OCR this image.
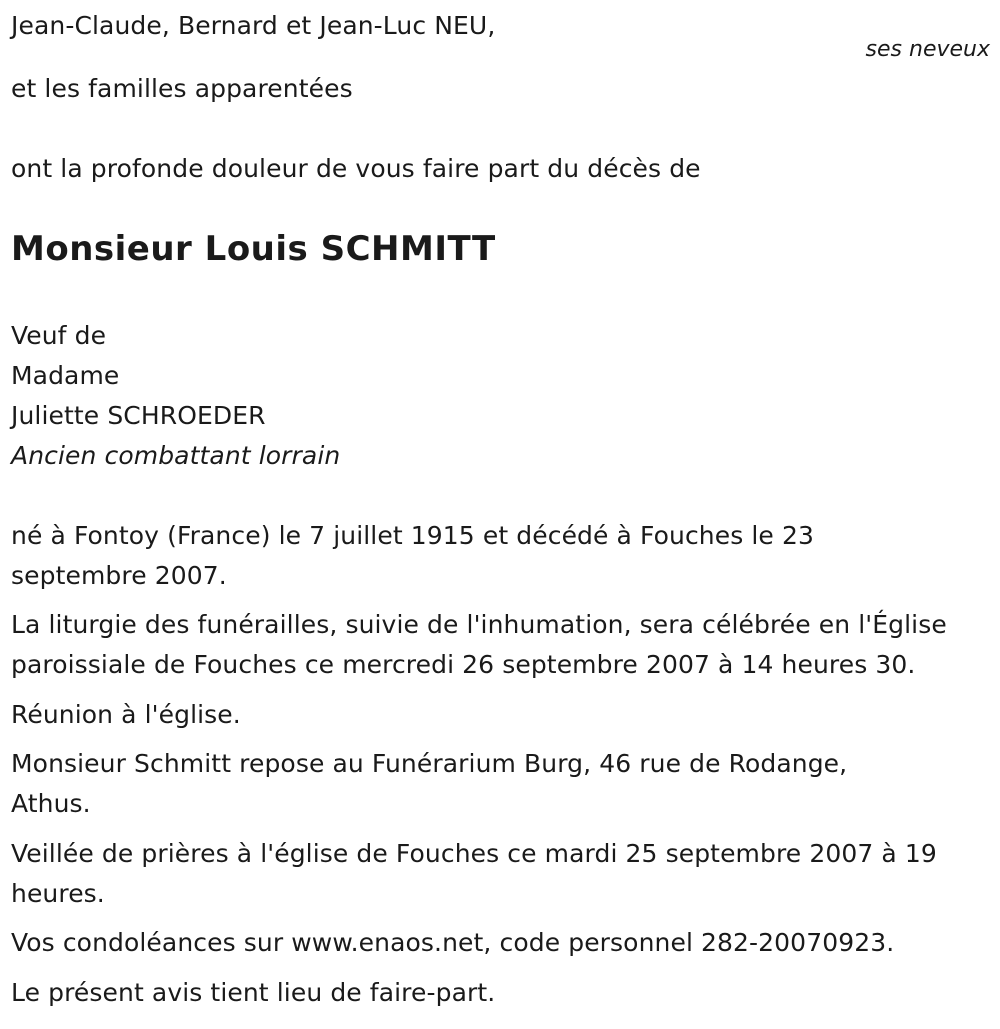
Jean-Claude, Bernard et Jean-Luc NEU,
ses neveux
et les familles apparentées
ont la profonde douleur de vous faire part du décès de
Monsieur Louis SCHMITT
Veuf de
Madame
Juliette SCHROEDER
Ancien combattant lorrain
né à Fontoy (France) le 7 juillet 1915 et décédé à Fouches le 23
septembre 2007.
La liturgie des funérailles, suivie de l'inhumation, sera célébrée en l'Église
paroissiale de Fouches ce mercredi 26 septembre 2007 à 14 heures 30.
Réunion à l'église.
Monsieur Schmitt repose au Funérarium Burg, 46 rue de Rodange,
Athus.
Veillée de prières à l'église de Fouches ce mardi 25 septembre 2007 à 19
heures.
Vos condoléances sur www.enaos.net, code personnel 282-20070923.
Le présent avis tient lieu de faire-part.
